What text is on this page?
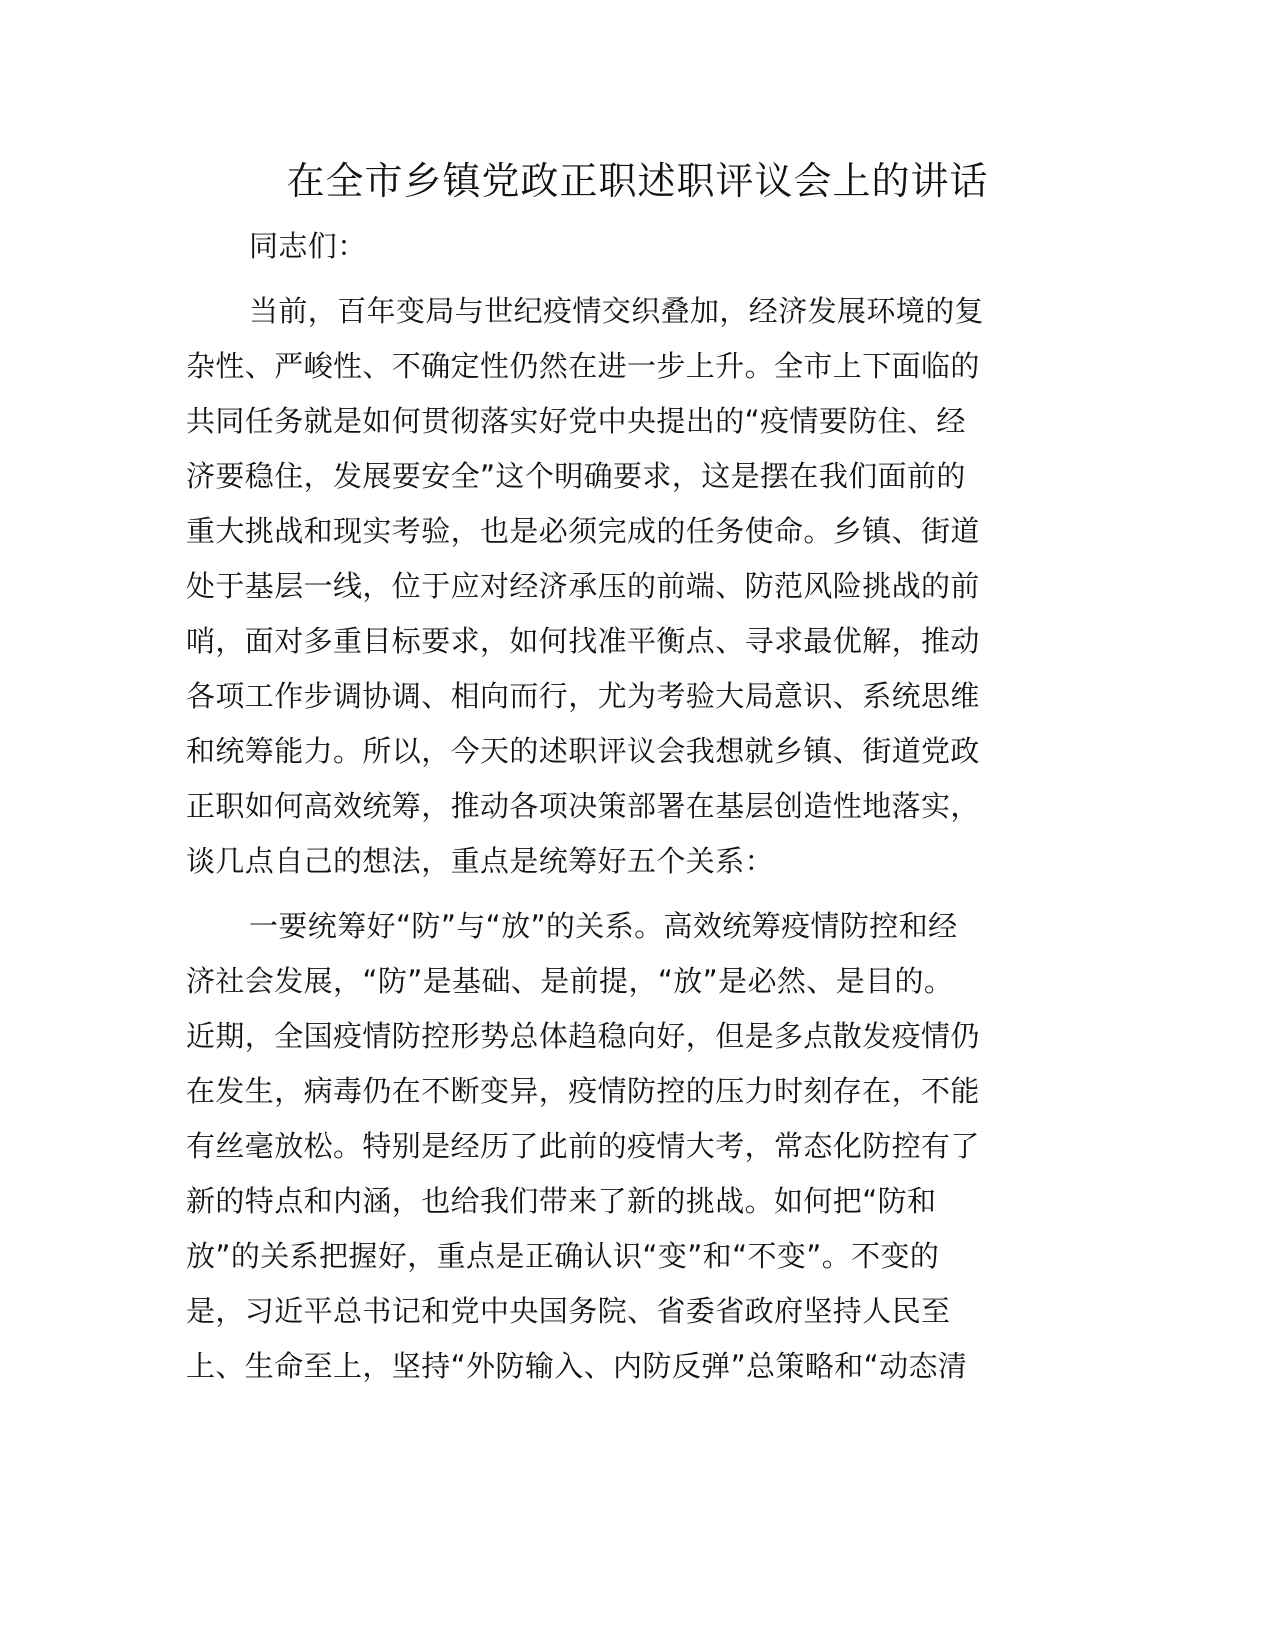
在全市乡镇党政正职述职评议会上的讲话

同志们：

当前，百年变局与世纪疫情交织叠加，经济发展环境的复

杂性、严峻性、不确定性仍然在进一步上升。全市上下面临的

共同任务就是如何贯彻落实好党中央提出的“疫情要防住、经

济要稳住，发展要安全”这个明确要求，这是摆在我们面前的

重大挑战和现实考验，也是必须完成的任务使命。乡镇、街道

处于基层一线，位于应对经济承压的前端、防范风险挑战的前

哨，面对多重目标要求，如何找准平衡点、寻求最优解，推动

各项工作步调协调、相向而行，尤为考验大局意识、系统思维

和统筹能力。所以，今天的述职评议会我想就乡镇、街道党政

正职如何高效统筹，推动各项决策部署在基层创造性地落实，

谈几点自己的想法，重点是统筹好五个关系：

一要统筹好“防”与“放”的关系。高效统筹疫情防控和经

济社会发展，“防”是基础、是前提，“放”是必然、是目的。

近期，全国疫情防控形势总体趋稳向好，但是多点散发疫情仍

在发生，病毒仍在不断变异，疫情防控的压力时刻存在，不能

有丝毫放松。特别是经历了此前的疫情大考，常态化防控有了

新的特点和内涵，也给我们带来了新的挑战。如何把“防和

放”的关系把握好，重点是正确认识“变”和“不变”。不变的

是，习近平总书记和党中央国务院、省委省政府坚持人民至

上、生命至上，坚持“外防输入、内防反弹”总策略和“动态清
